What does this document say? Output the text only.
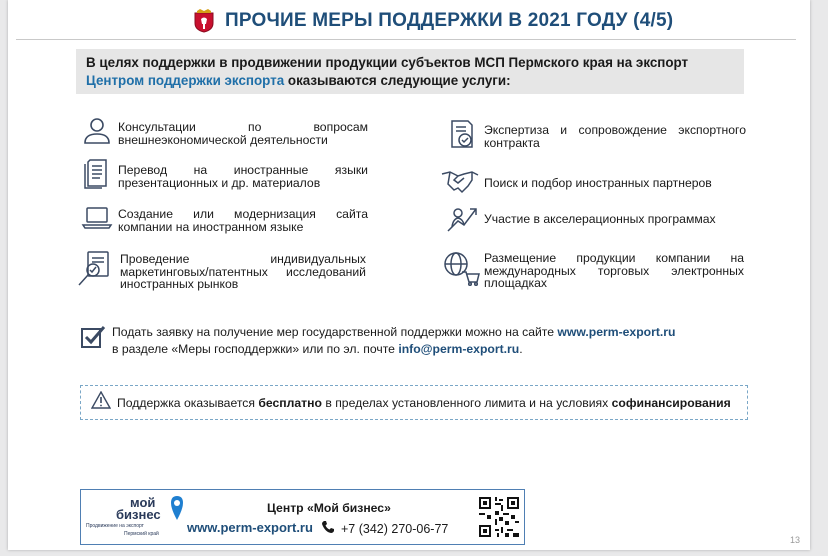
ПРОЧИЕ МЕРЫ ПОДДЕРЖКИ В 2021 ГОДУ (4/5)
В целях поддержки в продвижении продукции субъектов МСП Пермского края на экспорт
Центром поддержки экспорта оказываются следующие услуги:
Консультации по вопросам внешнеэкономической деятельности
Перевод на иностранные языки презентационных и др. материалов
Создание или модернизация сайта компании на иностранном языке
Проведение индивидуальных маркетинговых/патентных исследований иностранных рынков
Экспертиза и сопровождение экспортного контракта
Поиск и подбор иностранных партнеров
Участие в акселерационных программах
Размещение продукции компании на международных торговых электронных площадках
Подать заявку на получение мер государственной поддержки можно на сайте www.perm-export.ru
в разделе «Меры господдержки» или по эл. почте info@perm-export.ru.
Поддержка оказывается бесплатно в пределах установленного лимита и на условиях софинансирования
мой
бизнес
Продвижение на экспорт
Пермский край
Центр «Мой бизнес»
www.perm-export.ru +7 (342) 270-06-77
13
